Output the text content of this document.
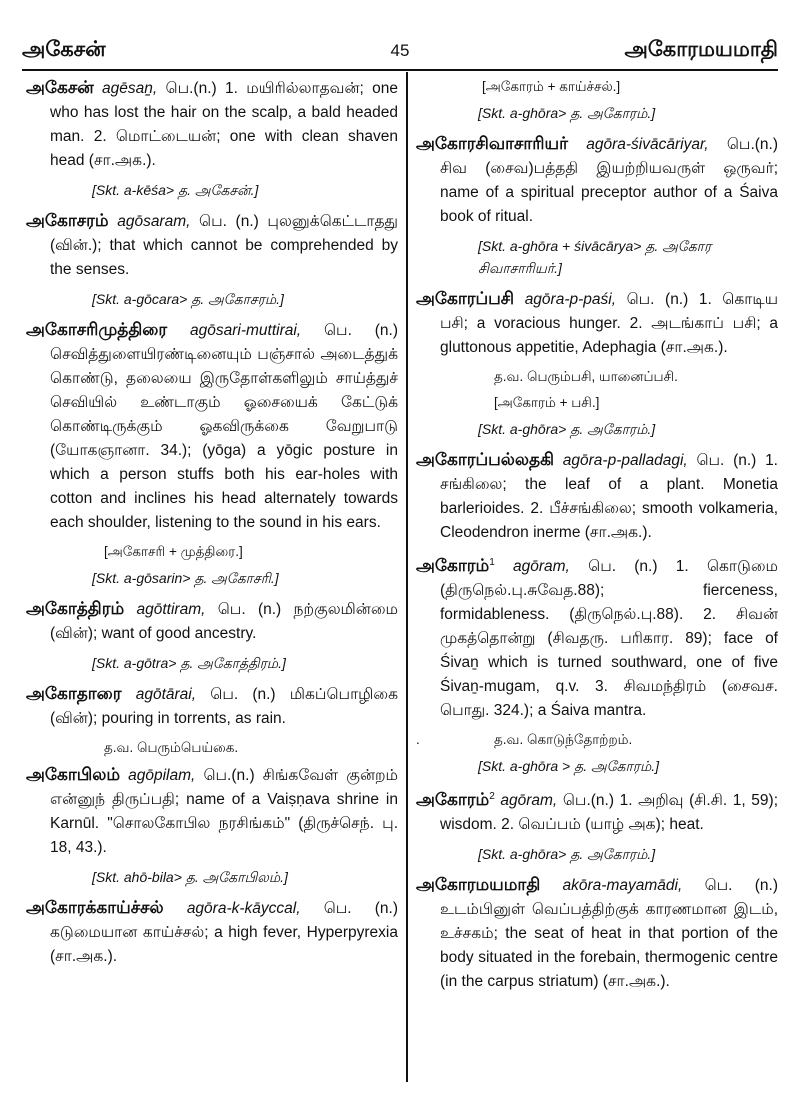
அகேசன்	45	அகோரமயமாதி

அகேசன் agēsaṉ, பெ.(n.) 1. மயிரில்லாதவன்; one who has lost the hair on the scalp, a bald headed man. 2. மொட்டையன்; one with clean shaven head (சா.அக.).

[Skt. a-kēśa> த. அகேசன்.]

அகோசரம் agōsaram, பெ. (n.) புலனுக்கெட்டாதது (வின்.); that which cannot be comprehended by the senses.

[Skt. a-gōcara> த. அகோசரம்.]

அகோசரிமுத்திரை agōsari-muttirai, பெ. (n.) செவித்துளையிரண்டினையும் பஞ்சால் அடைத்துக் கொண்டு, தலையை இருதோள்களிலும் சாய்த்துச் செவியில் உண்டாகும் ஓசையைக் கேட்டுக் கொண்டிருக்கும் ஓகவிருக்கை வேறுபாடு (யோகஞானா. 34.); (yōga) a yōgic posture in which a person stuffs both his ear-holes with cotton and inclines his head alternately towards each shoulder, listening to the sound in his ears.

[அகோசரி + முத்திரை.]

[Skt. a-gōsarin> த. அகோசரி.]

அகோத்திரம் agōttiram, பெ. (n.) நற்குலமின்மை (வின்); want of good ancestry.

[Skt. a-gōtra> த. அகோத்திரம்.]

அகோதாரை agōtārai, பெ. (n.) மிகப்பொழிகை (வின்); pouring in torrents, as rain.

த.வ. பெரும்பெய்கை.

அகோபிலம் agōpilam, பெ.(n.) சிங்கவேள் குன்றம் என்னுந் திருப்பதி; name of a Vaiṣṇava shrine in Karnūl. "சொலகோபில நரசிங்கம்" (திருச்செந். பு. 18, 43.).

[Skt. ahō-bila> த. அகோபிலம்.]

அகோரக்காய்ச்சல் agōra-k-kāyccal, பெ. (n.) கடுமையான காய்ச்சல்; a high fever, Hyperpyrexia (சா.அக.).

[அகோரம் + காய்ச்சல்.]

[Skt. a-ghōra> த. அகோரம்.]

அகோரசிவாசாரியர் agōra-śivācāriyar, பெ.(n.) சிவ (சைவ)பத்ததி இயற்றியவருள் ஒருவர்; name of a spiritual preceptor author of a Śaiva book of ritual.

[Skt. a-ghōra + śivācārya> த. அகோர சிவாசாரியர்.]

அகோரப்பசி agōra-p-paśi, பெ. (n.) 1. கொடிய பசி; a voracious hunger. 2. அடங்காப் பசி; a gluttonous appetitie, Adephagia (சா.அக.).

த.வ. பெரும்பசி, யானைப்பசி.

[அகோரம் + பசி.]

[Skt. a-ghōra> த. அகோரம்.]

அகோரப்பல்லதகி agōra-p-palladagi, பெ. (n.) 1. சங்கிலை; the leaf of a plant. Monetia barlerioides. 2. பீச்சங்கிலை; smooth volkameria, Cleodendron inerme (சா.அக.).

அகோரம்$^1$ agōram, பெ. (n.) 1. கொடுமை (திருநெல்.பு.சுவேத.88); fierceness, formidableness. (திருநெல்.பு.88). 2. சிவன் முகத்தொன்று (சிவதரு. பரிகார. 89); face of Śivaṉ which is turned southward, one of five Śivaṉ-mugam, q.v. 3. சிவமந்திரம் (சைவச. பொது. 324.); a Śaiva mantra.

.	த.வ. கொடுந்தோற்றம்.

[Skt. a-ghōra > த. அகோரம்.]

அகோரம்$^2$ agōram, பெ.(n.) 1. அறிவு (சி.சி. 1, 59); wisdom. 2. வெப்பம் (யாழ் அக); heat.

[Skt. a-ghōra> த. அகோரம்.]

அகோரமயமாதி akōra-mayamādi, பெ. (n.) உடம்பினுள் வெப்பத்திற்குக் காரணமான இடம், உச்சகம்; the seat of heat in that portion of the body situated in the forebain, thermogenic centre (in the carpus striatum) (சா.அக.).
